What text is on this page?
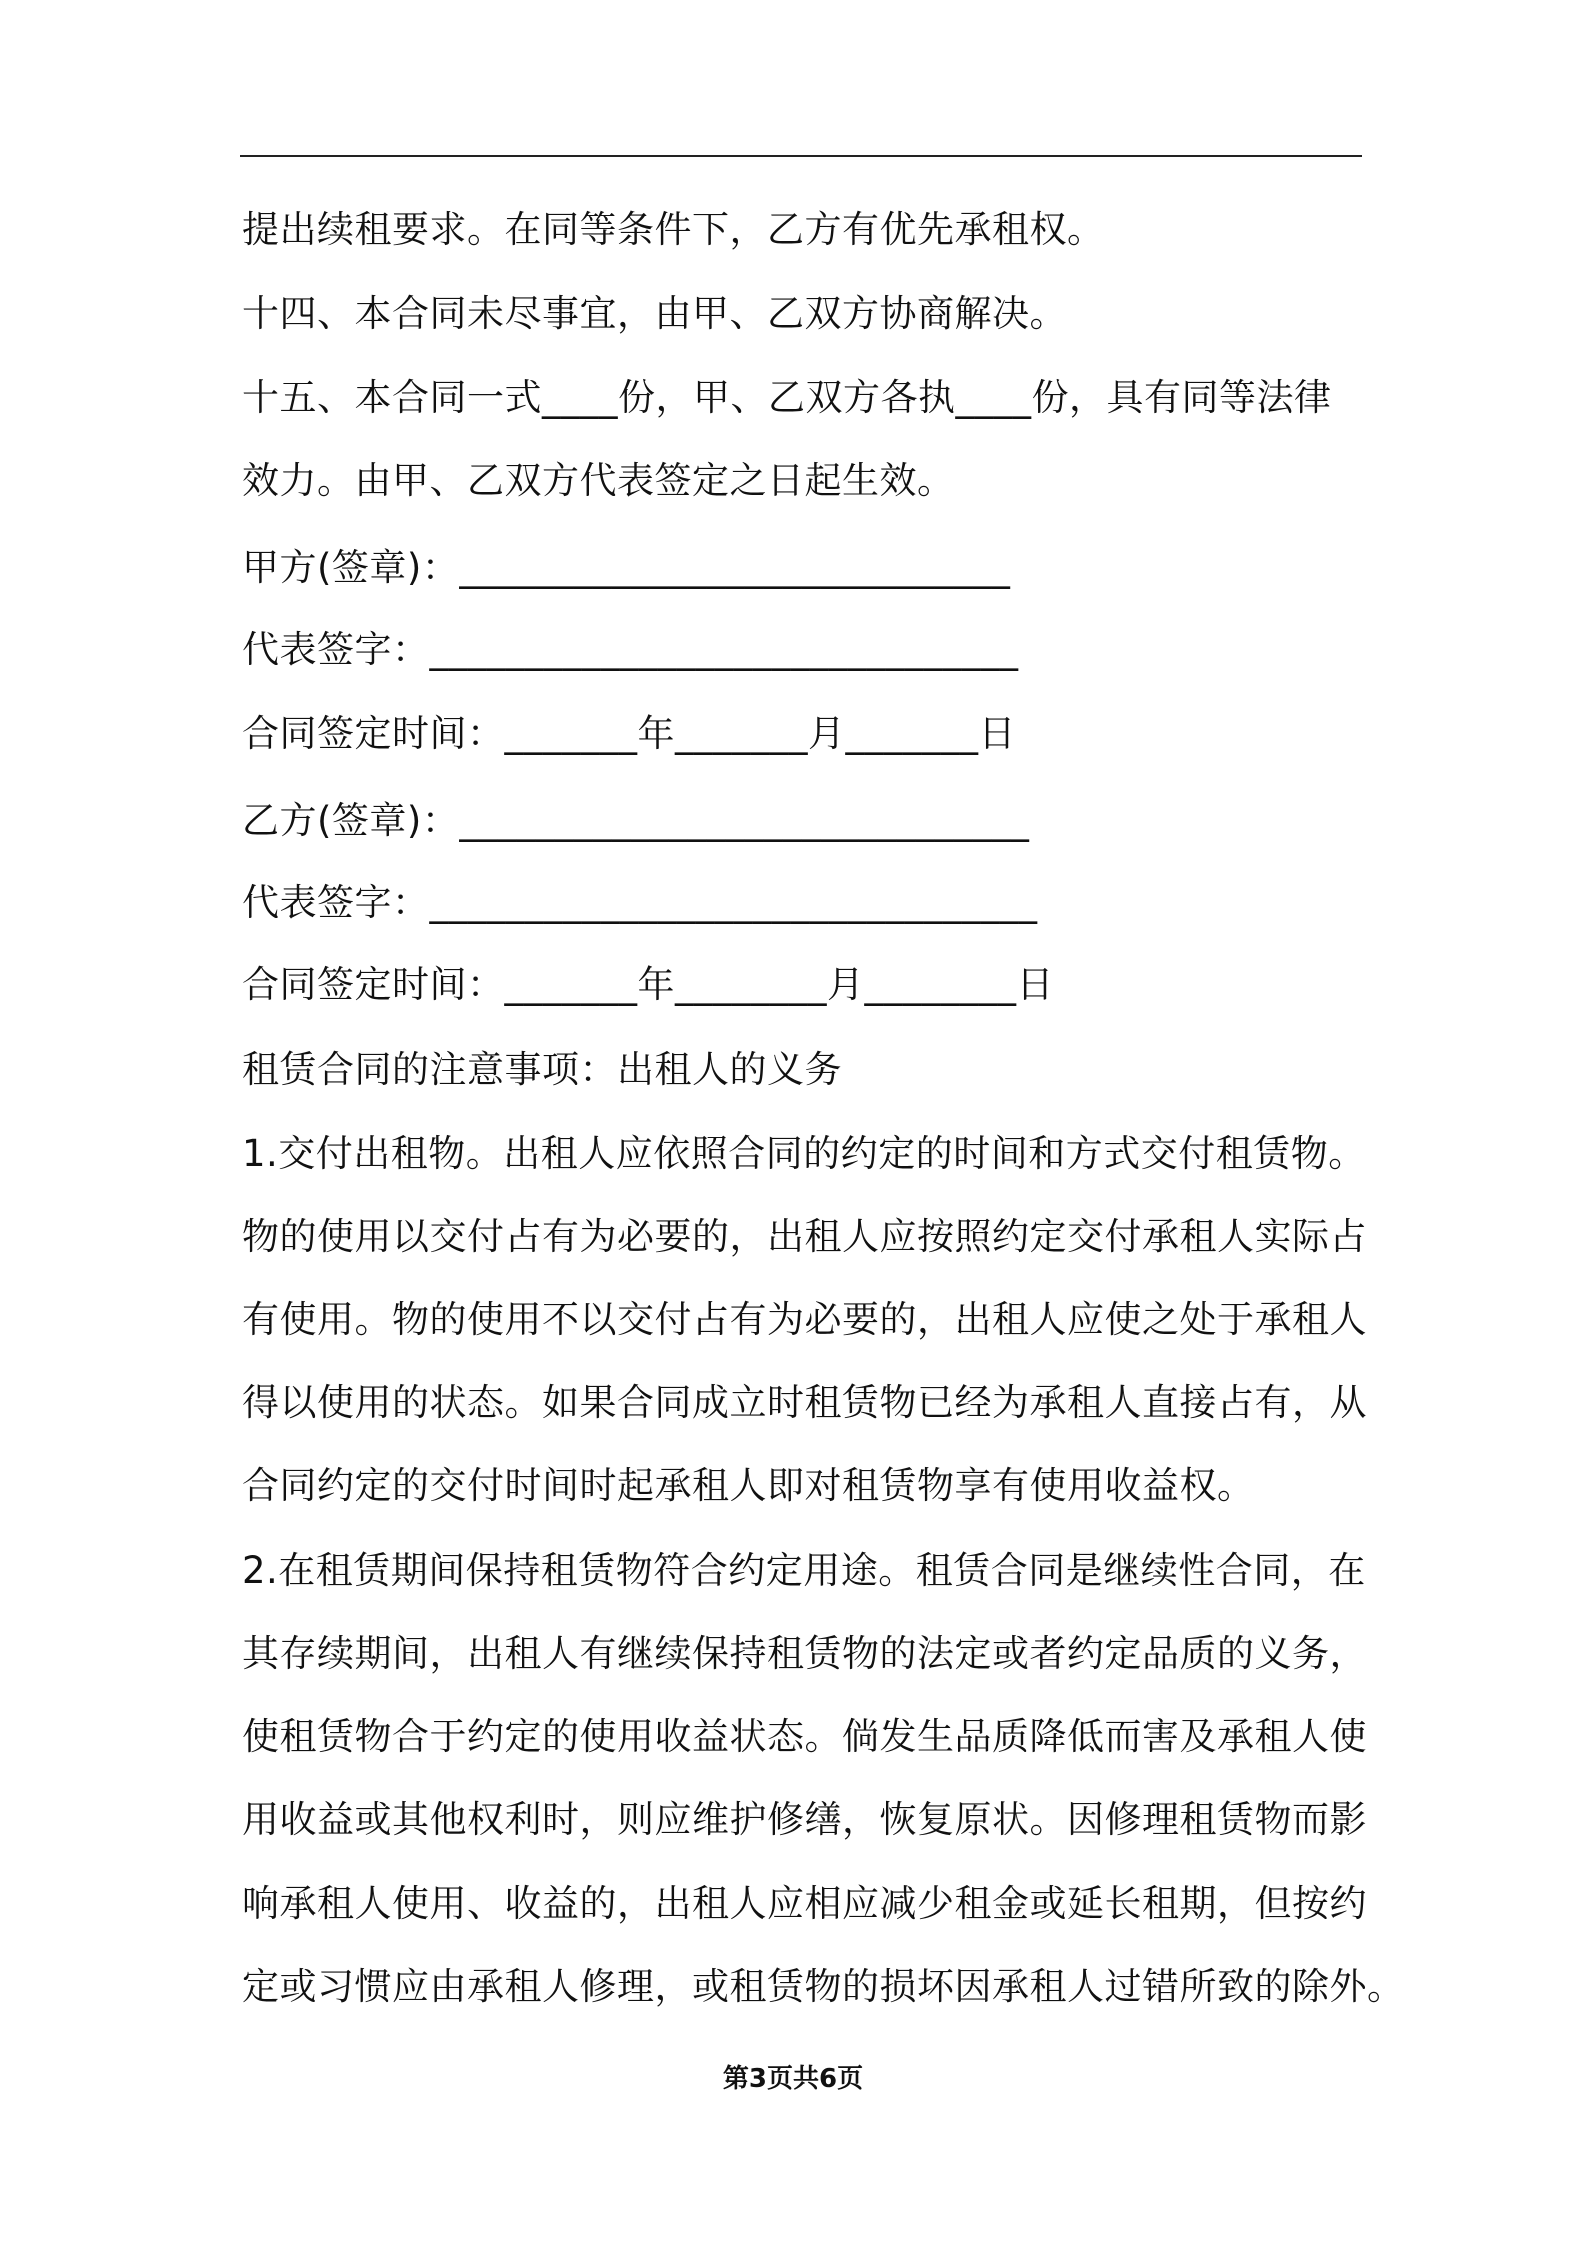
提出续租要求。在同等条件下，乙方有优先承租权。
十四、本合同未尽事宜，由甲、乙双方协商解决。
十五、本合同一式____份，甲、乙双方各执____份，具有同等法律
效力。由甲、乙双方代表签定之日起生效。
甲方(签章)：_____________________________
代表签字：_______________________________
合同签定时间：_______年_______月_______日
乙方(签章)：______________________________
代表签字：________________________________
合同签定时间：_______年________月________日
租赁合同的注意事项：出租人的义务
1.交付出租物。出租人应依照合同的约定的时间和方式交付租赁物。
物的使用以交付占有为必要的，出租人应按照约定交付承租人实际占
有使用。物的使用不以交付占有为必要的，出租人应使之处于承租人
得以使用的状态。如果合同成立时租赁物已经为承租人直接占有，从
合同约定的交付时间时起承租人即对租赁物享有使用收益权。
2.在租赁期间保持租赁物符合约定用途。租赁合同是继续性合同，在
其存续期间，出租人有继续保持租赁物的法定或者约定品质的义务，
使租赁物合于约定的使用收益状态。倘发生品质降低而害及承租人使
用收益或其他权利时，则应维护修缮，恢复原状。因修理租赁物而影
响承租人使用、收益的，出租人应相应减少租金或延长租期，但按约
定或习惯应由承租人修理，或租赁物的损坏因承租人过错所致的除外。
第3页共6页
